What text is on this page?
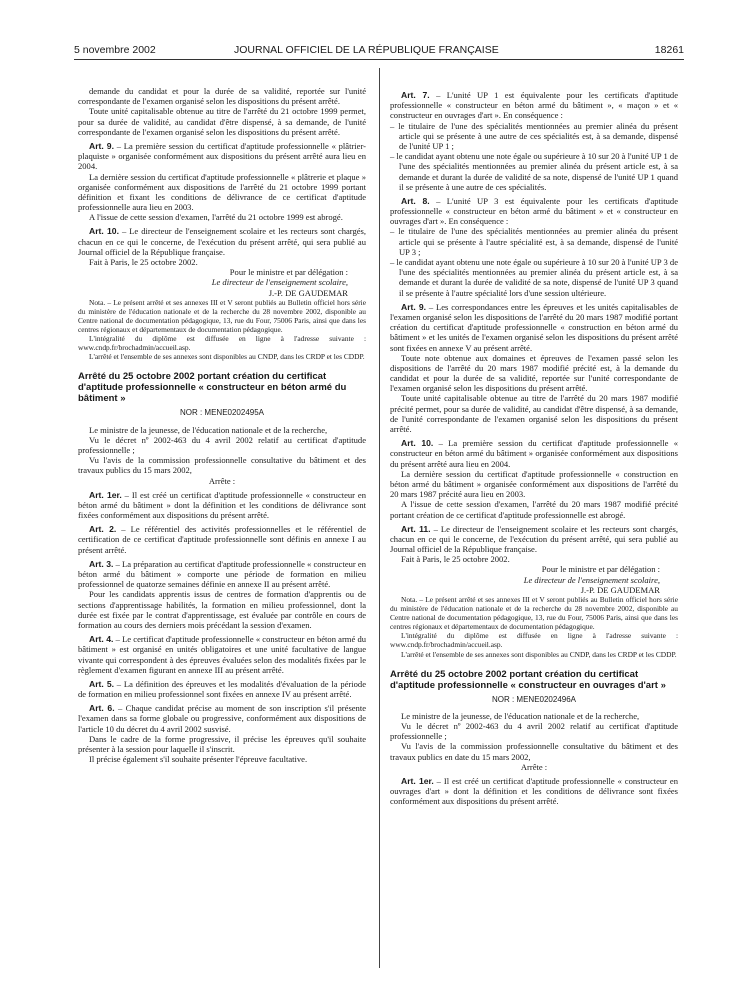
5 novembre 2002	JOURNAL OFFICIEL DE LA RÉPUBLIQUE FRANÇAISE	18261

demande du candidat et pour la durée de sa validité, reportée sur l'unité correspondante de l'examen organisé selon les dispositions du présent arrêté.

Toute unité capitalisable obtenue au titre de l'arrêté du 21 octobre 1999 permet, pour sa durée de validité, au candidat d'être dispensé, à sa demande, de l'unité correspondante de l'examen organisé selon les dispositions du présent arrêté.

Art. 9. – La première session du certificat d'aptitude professionnelle « plâtrier-plaquiste » organisée conformément aux dispositions du présent arrêté aura lieu en 2004.

La dernière session du certificat d'aptitude professionnelle « plâtrerie et plaque » organisée conformément aux dispositions de l'arrêté du 21 octobre 1999 portant définition et fixant les conditions de délivrance de ce certificat d'aptitude professionnelle aura lieu en 2003.

A l'issue de cette session d'examen, l'arrêté du 21 octobre 1999 est abrogé.

Art. 10. – Le directeur de l'enseignement scolaire et les recteurs sont chargés, chacun en ce qui le concerne, de l'exécution du présent arrêté, qui sera publié au Journal officiel de la République française.

Fait à Paris, le 25 octobre 2002.

Pour le ministre et par délégation :

Le directeur de l'enseignement scolaire,

J.-P. DE GAUDEMAR

Nota. – Le présent arrêté et ses annexes III et V seront publiés au Bulletin officiel hors série du ministère de l'éducation nationale et de la recherche du 28 novembre 2002, disponible au Centre national de documentation pédagogique, 13, rue du Four, 75006 Paris, ainsi que dans les centres régionaux et départementaux de documentation pédagogique.

L'intégralité du diplôme est diffusée en ligne à l'adresse suivante : www.cndp.fr/brochadmin/accueil.asp.

L'arrêté et l'ensemble de ses annexes sont disponibles au CNDP, dans les CRDP et les CDDP.

Arrêté du 25 octobre 2002 portant création du certificat d'aptitude professionnelle « constructeur en béton armé du bâtiment »

NOR : MENE0202495A

Le ministre de la jeunesse, de l'éducation nationale et de la recherche,

Vu le décret nº 2002-463 du 4 avril 2002 relatif au certificat d'aptitude professionnelle ;

Vu l'avis de la commission professionnelle consultative du bâtiment et des travaux publics du 15 mars 2002,

Arrête :

Art. 1er. – Il est créé un certificat d'aptitude professionnelle « constructeur en béton armé du bâtiment » dont la définition et les conditions de délivrance sont fixées conformément aux dispositions du présent arrêté.

Art. 2. – Le référentiel des activités professionnelles et le référentiel de certification de ce certificat d'aptitude professionnelle sont définis en annexe I au présent arrêté.

Art. 3. – La préparation au certificat d'aptitude professionnelle « constructeur en béton armé du bâtiment » comporte une période de formation en milieu professionnel de quatorze semaines définie en annexe II au présent arrêté.

Pour les candidats apprentis issus de centres de formation d'apprentis ou de sections d'apprentissage habilités, la formation en milieu professionnel, dont la durée est fixée par le contrat d'apprentissage, est évaluée par contrôle en cours de formation au cours des derniers mois précédant la session d'examen.

Art. 4. – Le certificat d'aptitude professionnelle « constructeur en béton armé du bâtiment » est organisé en unités obligatoires et une unité facultative de langue vivante qui correspondent à des épreuves évaluées selon des modalités fixées par le règlement d'examen figurant en annexe III au présent arrêté.

Art. 5. – La définition des épreuves et les modalités d'évaluation de la période de formation en milieu professionnel sont fixées en annexe IV au présent arrêté.

Art. 6. – Chaque candidat précise au moment de son inscription s'il présente l'examen dans sa forme globale ou progressive, conformément aux dispositions de l'article 10 du décret du 4 avril 2002 susvisé.

Dans le cadre de la forme progressive, il précise les épreuves qu'il souhaite présenter à la session pour laquelle il s'inscrit.

Il précise également s'il souhaite présenter l'épreuve facultative.

Art. 7. – L'unité UP 1 est équivalente pour les certificats d'aptitude professionnelle « constructeur en béton armé du bâtiment », « maçon » et « constructeur en ouvrages d'art ». En conséquence :

– le titulaire de l'une des spécialités mentionnées au premier alinéa du présent article qui se présente à une autre de ces spécialités est, à sa demande, dispensé de l'unité UP 1 ;

– le candidat ayant obtenu une note égale ou supérieure à 10 sur 20 à l'unité UP 1 de l'une des spécialités mentionnées au premier alinéa du présent article est, à sa demande et durant la durée de validité de sa note, dispensé de l'unité UP 1 quand il se présente à une autre de ces spécialités.

Art. 8. – L'unité UP 3 est équivalente pour les certificats d'aptitude professionnelle « constructeur en béton armé du bâtiment » et « constructeur en ouvrages d'art ». En conséquence :

– le titulaire de l'une des spécialités mentionnées au premier alinéa du présent article qui se présente à l'autre spécialité est, à sa demande, dispensé de l'unité UP 3 ;

– le candidat ayant obtenu une note égale ou supérieure à 10 sur 20 à l'unité UP 3 de l'une des spécialités mentionnées au premier alinéa du présent article est, à sa demande et durant la durée de validité de sa note, dispensé de l'unité UP 3 quand il se présente à l'autre spécialité lors d'une session ultérieure.

Art. 9. – Les correspondances entre les épreuves et les unités capitalisables de l'examen organisé selon les dispositions de l'arrêté du 20 mars 1987 modifié portant création du certificat d'aptitude professionnelle « construction en béton armé du bâtiment » et les unités de l'examen organisé selon les dispositions du présent arrêté sont fixées en annexe V au présent arrêté.

Toute note obtenue aux domaines et épreuves de l'examen passé selon les dispositions de l'arrêté du 20 mars 1987 modifié précité est, à la demande du candidat et pour la durée de sa validité, reportée sur l'unité correspondante de l'examen organisé selon les dispositions du présent arrêté.

Toute unité capitalisable obtenue au titre de l'arrêté du 20 mars 1987 modifié précité permet, pour sa durée de validité, au candidat d'être dispensé, à sa demande, de l'unité correspondante de l'examen organisé selon les dispositions du présent arrêté.

Art. 10. – La première session du certificat d'aptitude professionnelle « constructeur en béton armé du bâtiment » organisée conformément aux dispositions du présent arrêté aura lieu en 2004.

La dernière session du certificat d'aptitude professionnelle « construction en béton armé du bâtiment » organisée conformément aux dispositions de l'arrêté du 20 mars 1987 précité aura lieu en 2003.

A l'issue de cette session d'examen, l'arrêté du 20 mars 1987 modifié précité portant création de ce certificat d'aptitude professionnelle est abrogé.

Art. 11. – Le directeur de l'enseignement scolaire et les recteurs sont chargés, chacun en ce qui le concerne, de l'exécution du présent arrêté, qui sera publié au Journal officiel de la République française.

Fait à Paris, le 25 octobre 2002.

Pour le ministre et par délégation :

Le directeur de l'enseignement scolaire,

J.-P. DE GAUDEMAR

Nota. – Le présent arrêté et ses annexes III et V seront publiés au Bulletin officiel hors série du ministère de l'éducation nationale et de la recherche du 28 novembre 2002, disponible au Centre national de documentation pédagogique, 13, rue du Four, 75006 Paris, ainsi que dans les centres régionaux et départementaux de documentation pédagogique.

L'intégralité du diplôme est diffusée en ligne à l'adresse suivante : www.cndp.fr/brochadmin/accueil.asp.

L'arrêté et l'ensemble de ses annexes sont disponibles au CNDP, dans les CRDP et les CDDP.

Arrêté du 25 octobre 2002 portant création du certificat d'aptitude professionnelle « constructeur en ouvrages d'art »

NOR : MENE0202496A

Le ministre de la jeunesse, de l'éducation nationale et de la recherche,

Vu le décret nº 2002-463 du 4 avril 2002 relatif au certificat d'aptitude professionnelle ;

Vu l'avis de la commission professionnelle consultative du bâtiment et des travaux publics en date du 15 mars 2002,

Arrête :

Art. 1er. – Il est créé un certificat d'aptitude professionnelle « constructeur en ouvrages d'art » dont la définition et les conditions de délivrance sont fixées conformément aux dispositions du présent arrêté.
